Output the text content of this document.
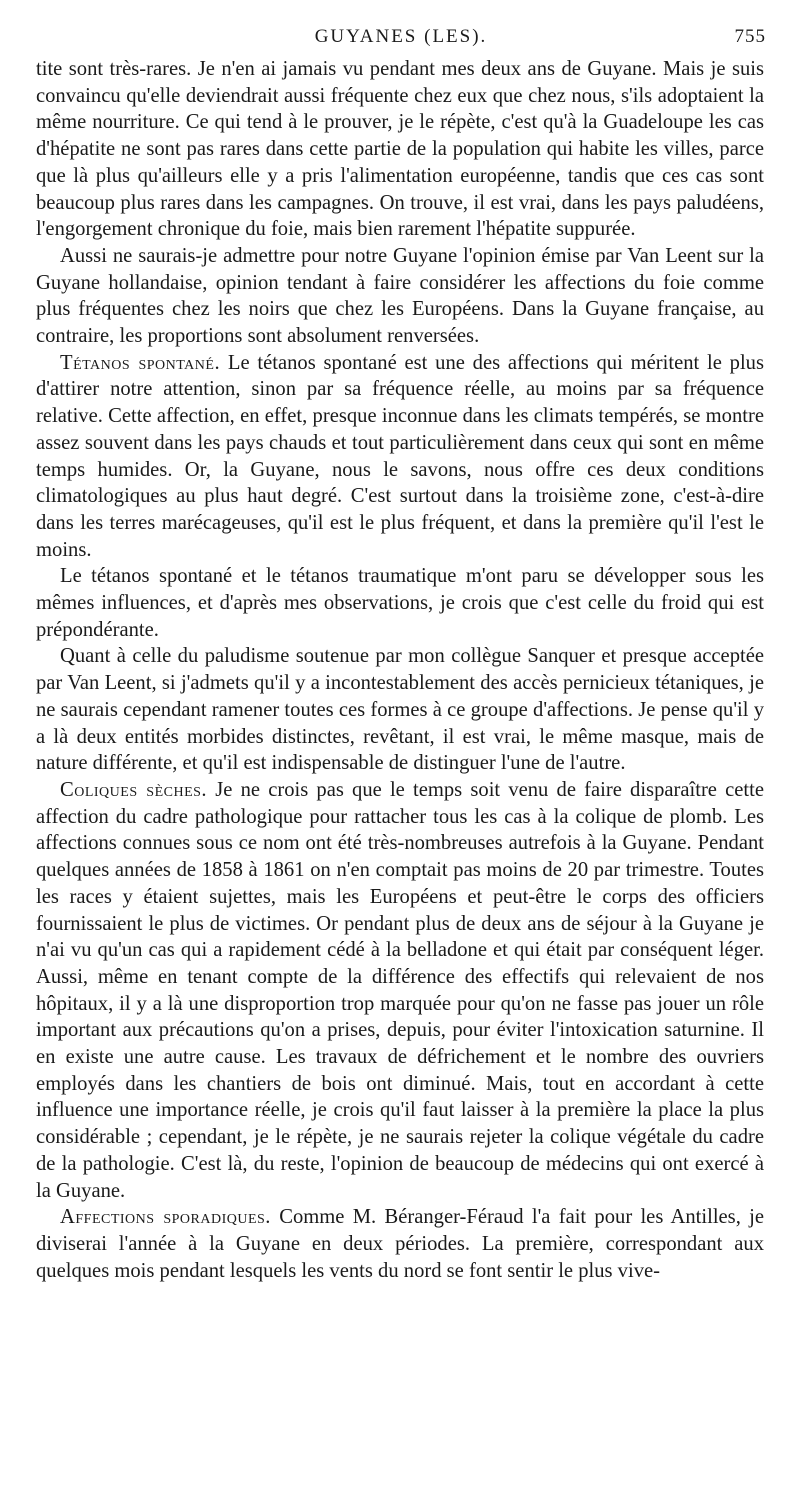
GUYANES (LES).	755

tite sont très-rares. Je n'en ai jamais vu pendant mes deux ans de Guyane. Mais je suis convaincu qu'elle deviendrait aussi fréquente chez eux que chez nous, s'ils adoptaient la même nourriture. Ce qui tend à le prouver, je le répète, c'est qu'à la Guadeloupe les cas d'hépatite ne sont pas rares dans cette partie de la population qui habite les villes, parce que là plus qu'ailleurs elle y a pris l'alimentation européenne, tandis que ces cas sont beaucoup plus rares dans les campagnes. On trouve, il est vrai, dans les pays paludéens, l'engorgement chronique du foie, mais bien rarement l'hépatite suppurée.

Aussi ne saurais-je admettre pour notre Guyane l'opinion émise par Van Leent sur la Guyane hollandaise, opinion tendant à faire considérer les affections du foie comme plus fréquentes chez les noirs que chez les Européens. Dans la Guyane française, au contraire, les proportions sont absolument renversées.

Tétanos spontané. Le tétanos spontané est une des affections qui méritent le plus d'attirer notre attention, sinon par sa fréquence réelle, au moins par sa fréquence relative. Cette affection, en effet, presque inconnue dans les climats tempérés, se montre assez souvent dans les pays chauds et tout particulièrement dans ceux qui sont en même temps humides. Or, la Guyane, nous le savons, nous offre ces deux conditions climatologiques au plus haut degré. C'est surtout dans la troisième zone, c'est-à-dire dans les terres marécageuses, qu'il est le plus fréquent, et dans la première qu'il l'est le moins.

Le tétanos spontané et le tétanos traumatique m'ont paru se développer sous les mêmes influences, et d'après mes observations, je crois que c'est celle du froid qui est prépondérante.

Quant à celle du paludisme soutenue par mon collègue Sanquer et presque acceptée par Van Leent, si j'admets qu'il y a incontestablement des accès pernicieux tétaniques, je ne saurais cependant ramener toutes ces formes à ce groupe d'affections. Je pense qu'il y a là deux entités morbides distinctes, revêtant, il est vrai, le même masque, mais de nature différente, et qu'il est indispensable de distinguer l'une de l'autre.

Coliques sèches. Je ne crois pas que le temps soit venu de faire disparaître cette affection du cadre pathologique pour rattacher tous les cas à la colique de plomb. Les affections connues sous ce nom ont été très-nombreuses autrefois à la Guyane. Pendant quelques années de 1858 à 1861 on n'en comptait pas moins de 20 par trimestre. Toutes les races y étaient sujettes, mais les Européens et peut-être le corps des officiers fournissaient le plus de victimes. Or pendant plus de deux ans de séjour à la Guyane je n'ai vu qu'un cas qui a rapidement cédé à la belladone et qui était par conséquent léger. Aussi, même en tenant compte de la différence des effectifs qui relevaient de nos hôpitaux, il y a là une disproportion trop marquée pour qu'on ne fasse pas jouer un rôle important aux précautions qu'on a prises, depuis, pour éviter l'intoxication saturnine. Il en existe une autre cause. Les travaux de défrichement et le nombre des ouvriers employés dans les chantiers de bois ont diminué. Mais, tout en accordant à cette influence une importance réelle, je crois qu'il faut laisser à la première la place la plus considérable ; cependant, je le répète, je ne saurais rejeter la colique végétale du cadre de la pathologie. C'est là, du reste, l'opinion de beaucoup de médecins qui ont exercé à la Guyane.

Affections sporadiques. Comme M. Béranger-Féraud l'a fait pour les Antilles, je diviserai l'année à la Guyane en deux périodes. La première, correspondant aux quelques mois pendant lesquels les vents du nord se font sentir le plus vive-
